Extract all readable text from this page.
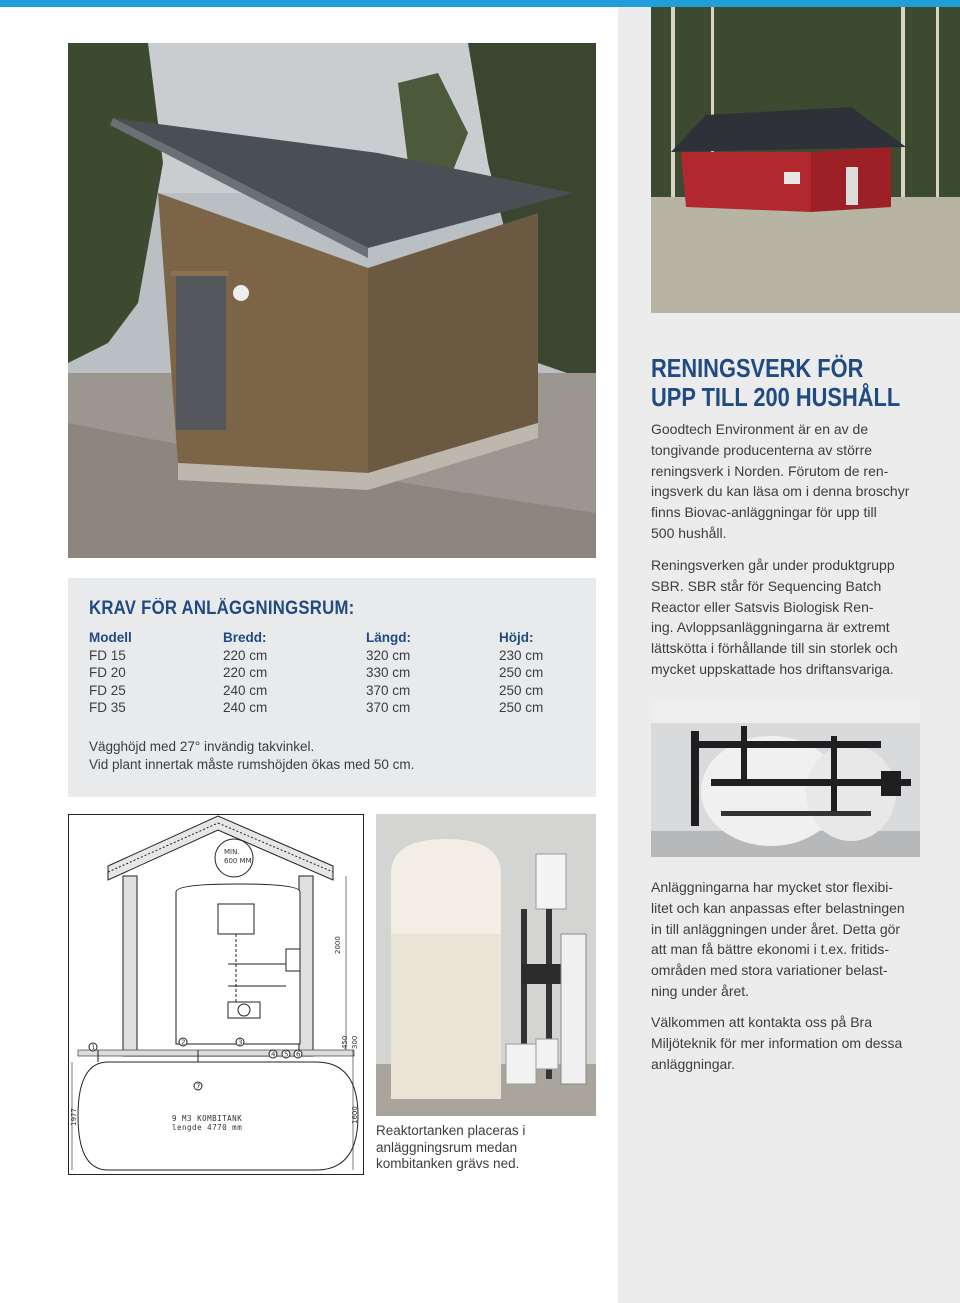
KRAV FÖR ANLÄGGNINGSRUM:
Modell	Bredd:	Längd:	Höjd:
FD 15	220 cm	320 cm	230 cm
FD 20	220 cm	330 cm	250 cm
FD 25	240 cm	370 cm	250 cm
FD 35	240 cm	370 cm	250 cm
Vägghöjd med 27° invändig takvinkel.
Vid plant innertak måste rumshöjden ökas med 50 cm.
RENINGSVERK FÖR
UPP TILL 200 HUSHÅLL

Goodtech Environment är en av de

tongivande producenterna av större

reningsverk i Norden. Förutom de ren-

ingsverk du kan läsa om i denna broschyr

finns Biovac-anläggningar för upp till

500 hushåll.

Reningsverken går under produktgrupp

SBR. SBR står för Sequencing Batch

Reactor eller Satsvis Biologisk Ren-

ing. Avloppsanläggningarna är extremt

lättskötta i förhållande till sin storlek och

mycket uppskattade hos driftansvariga.

Anläggningarna har mycket stor flexibi-

litet och kan anpassas efter belastningen

in till anläggningen under året. Detta gör

att man få bättre ekonomi i t.ex. fritids-

områden med stora variationer belast-

ning under året.

Välkommen att kontakta oss på Bra

Miljöteknik för mer information om dessa

anläggningar.

MIN.
600 MM
2000
450 300
1600
1977
1
2	3
4 5 6
7
9 M3 KOMBITANK
lengde 4770 mm	Reaktortanken placeras i
anläggningsrum medan
kombitanken grävs ned.
